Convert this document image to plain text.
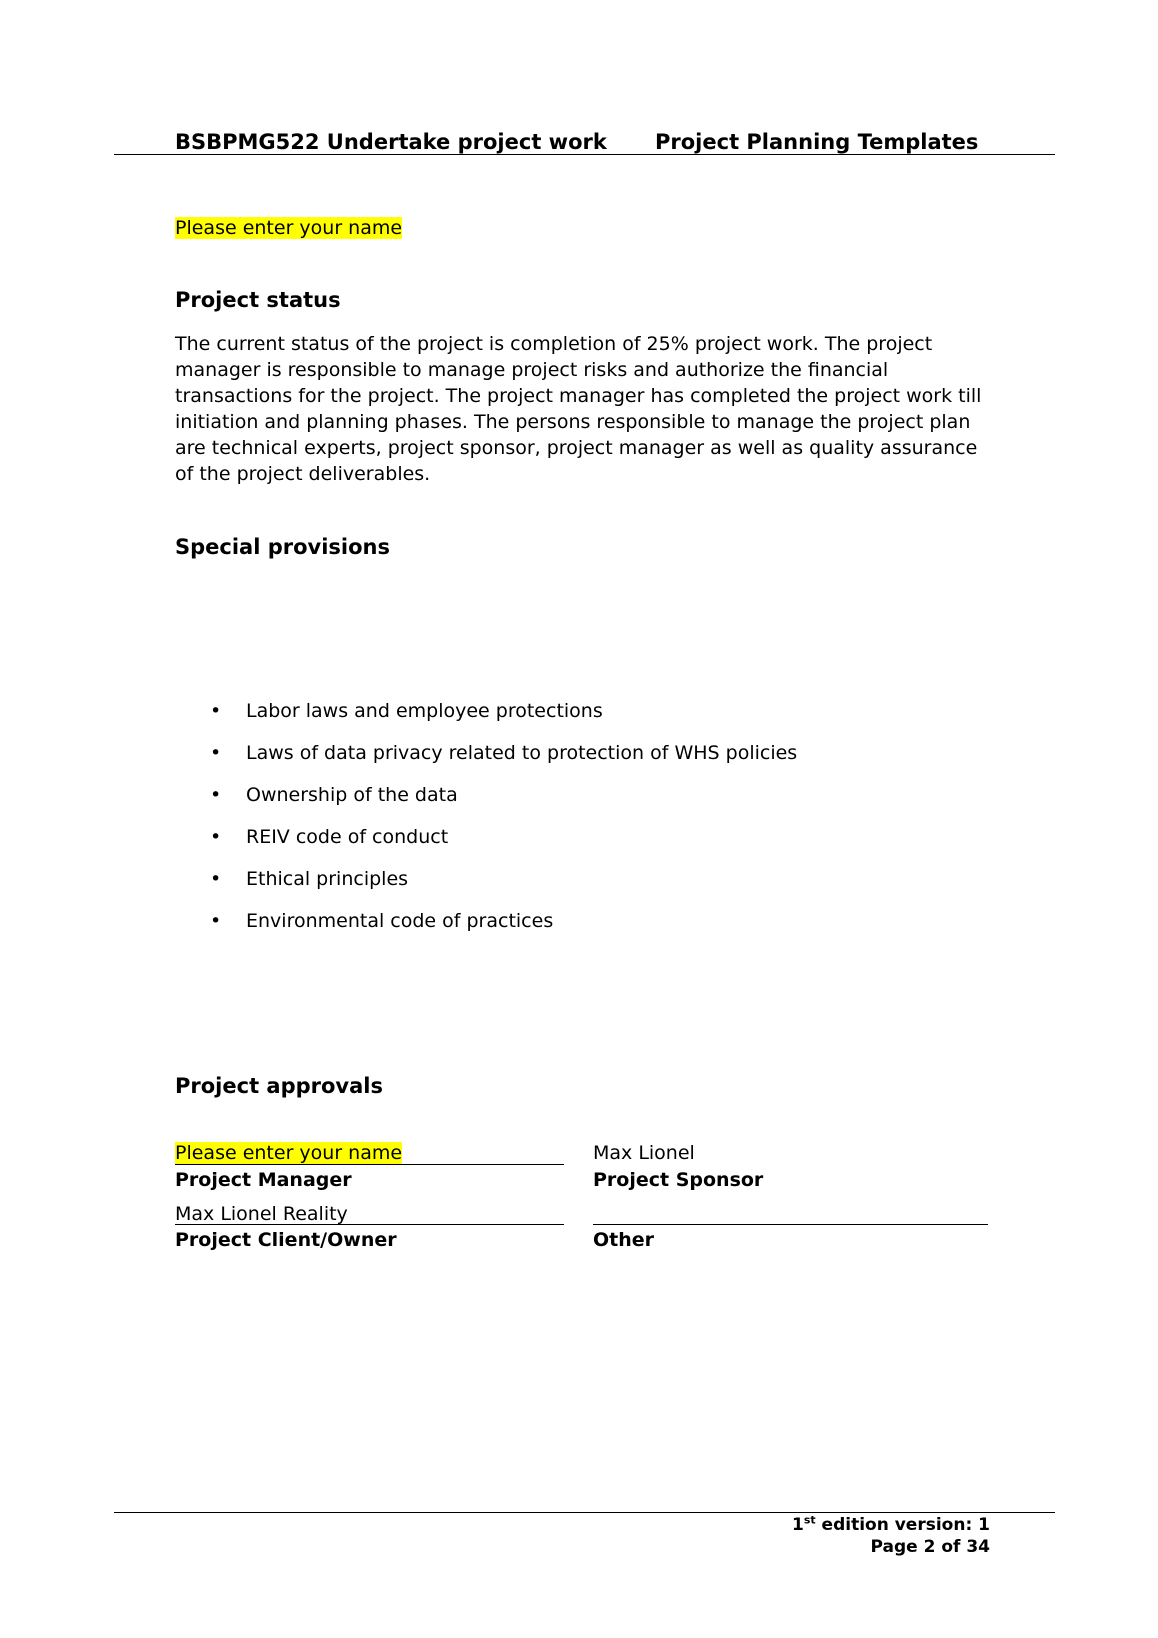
BSBPMG522 Undertake project work Project Planning Templates
Please enter your name
Project status

The current status of the project is completion of 25% project work. The project manager is responsible to manage project risks and authorize the financial transactions for the project. The project manager has completed the project work till initiation and planning phases. The persons responsible to manage the project plan are technical experts, project sponsor, project manager as well as quality assurance of the project deliverables.

Special provisions
• Labor laws and employee protections
• Laws of data privacy related to protection of WHS policies
• Ownership of the data
• REIV code of conduct
• Ethical principles
• Environmental code of practices
Project approvals
Please enter your name
Project Manager
Max Lionel
Project Sponsor
Max Lionel Reality
Project Client/Owner	Other
1st edition version: 1
Page 2 of 34
